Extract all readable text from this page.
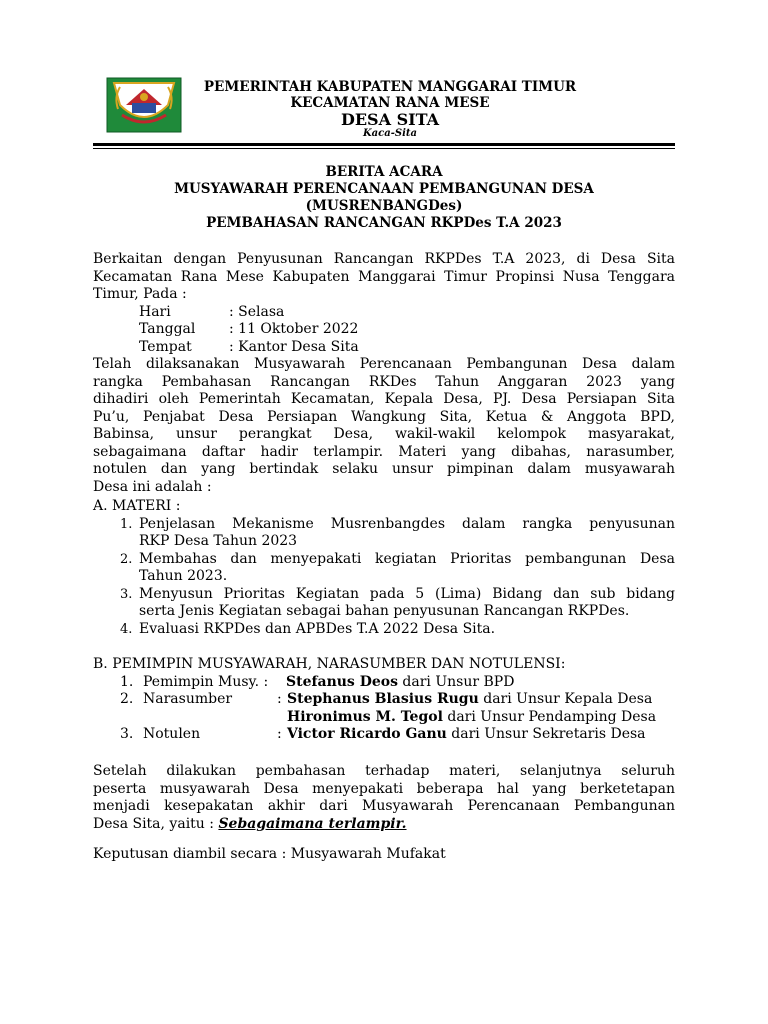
PEMERINTAH KABUPATEN MANGGARAI TIMUR
KECAMATAN RANA MESE
DESA SITA
Kaca-Sita
BERITA ACARA
MUSYAWARAH PERENCANAAN PEMBANGUNAN DESA
(MUSRENBANGDes)
PEMBAHASAN RANCANGAN RKPDes T.A 2023
Berkaitan dengan Penyusunan Rancangan RKPDes T.A 2023, di Desa Sita
Kecamatan Rana Mese Kabupaten Manggarai Timur Propinsi Nusa Tenggara
Timur, Pada :
Hari	: Selasa
Tanggal : 11 Oktober 2022
Tempat	: Kantor Desa Sita
Telah dilaksanakan Musyawarah Perencanaan Pembangunan Desa dalam
rangka Pembahasan Rancangan RKDes Tahun Anggaran 2023 yang
dihadiri oleh Pemerintah Kecamatan, Kepala Desa, PJ. Desa Persiapan Sita
Pu’u, Penjabat Desa Persiapan Wangkung Sita, Ketua & Anggota BPD,
Babinsa, unsur perangkat Desa, wakil-wakil kelompok masyarakat,
sebagaimana daftar hadir terlampir. Materi yang dibahas, narasumber,
notulen dan yang bertindak selaku unsur pimpinan dalam musyawarah
Desa ini adalah :
A. MATERI :
1. Penjelasan Mekanisme Musrenbangdes dalam rangka penyusunan
RKP Desa Tahun 2023
2. Membahas dan menyepakati kegiatan Prioritas pembangunan Desa
Tahun 2023.
3. Menyusun Prioritas Kegiatan pada 5 (Lima) Bidang dan sub bidang
serta Jenis Kegiatan sebagai bahan penyusunan Rancangan RKPDes.
4. Evaluasi RKPDes dan APBDes T.A 2022 Desa Sita.
B. PEMIMPIN MUSYAWARAH, NARASUMBER DAN NOTULENSI:
1. Pemimpin Musy. : Stefanus Deos dari Unsur BPD
2. Narasumber	: Stephanus Blasius Rugu dari Unsur Kepala Desa
Hironimus M. Tegol dari Unsur Pendamping Desa
3. Notulen	: Victor Ricardo Ganu dari Unsur Sekretaris Desa
Setelah dilakukan pembahasan terhadap materi, selanjutnya seluruh
peserta musyawarah Desa menyepakati beberapa hal yang berketetapan
menjadi kesepakatan akhir dari Musyawarah Perencanaan Pembangunan
Desa Sita, yaitu : Sebagaimana terlampir.
Keputusan diambil secara : Musyawarah Mufakat
